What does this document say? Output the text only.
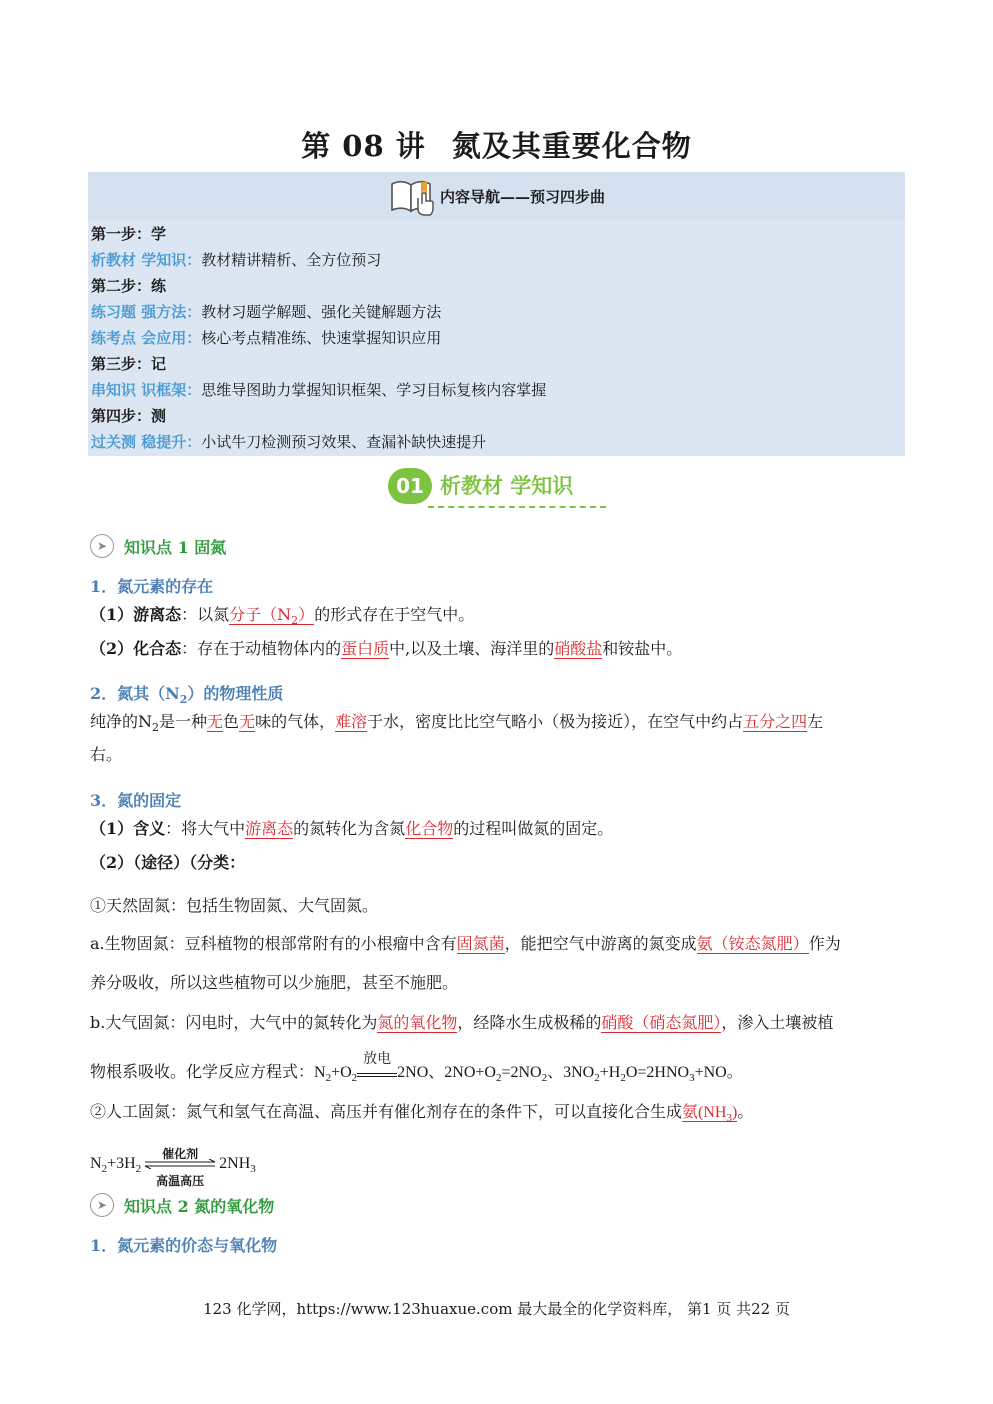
第 08 讲 氮及其重要化合物
内容导航——预习四步曲
第一步：学
析教材 学知识：教材精讲精析、全方位预习
第二步：练
练习题 强方法：教材习题学解题、强化关键解题方法
练考点 会应用：核心考点精准练、快速掌握知识应用
第三步：记
串知识 识框架：思维导图助力掌握知识框架、学习目标复核内容掌握
第四步：测
过关测 稳提升：小试牛刀检测预习效果、查漏补缺快速提升
01 析教材 学知识
➤	知识点 1 固氮
1．氮元素的存在
（1）游离态：以氮分子$(N_2)$的形式存在于空气中。
（2）化合态：存在于动植物体内的蛋白质中,以及土壤、海洋里的硝酸盐和铵盐中。
2．氮其$(N_2)$的物理性质
纯净的$N_2$是一种无色无味的气体，难溶于水，密度比比空气略小（极为接近），在空气中约占五分之四左
右。
3．氮的固定
（1）含义：将大气中游离态的氮转化为含氮化合物的过程叫做氮的固定。
（2）（途径）（分类：
①天然固氮：包括生物固氮、大气固氮。
a.生物固氮：豆科植物的根部常附有的小根瘤中含有固氮菌，能把空气中游离的氮变成氨（铵态氮肥）作为
养分吸收，所以这些植物可以少施肥，甚至不施肥。
b.大气固氮：闪电时，大气中的氮转化为氮的氧化物，经降水生成极稀的硝酸（硝态氮肥），渗入土壤被植
物根系吸收。化学反应方程式：$N_2+O_2$
放电
2NO、$2NO+O_2=2NO_2$、$3NO_2+H_2O=2HNO_3+NO$。
②人工固氮：氮气和氢气在高温、高压并有催化剂存在的条件下，可以直接化合生成氨$(NH_3)$。
$N_2+3H_2$
催化剂
高温高压
$2NH_3$
➤	知识点 2 氮的氧化物
1．氮元素的价态与氧化物
123 化学网，https://www.123huaxue.com 最大最全的化学资料库， 第1 页 共22 页
